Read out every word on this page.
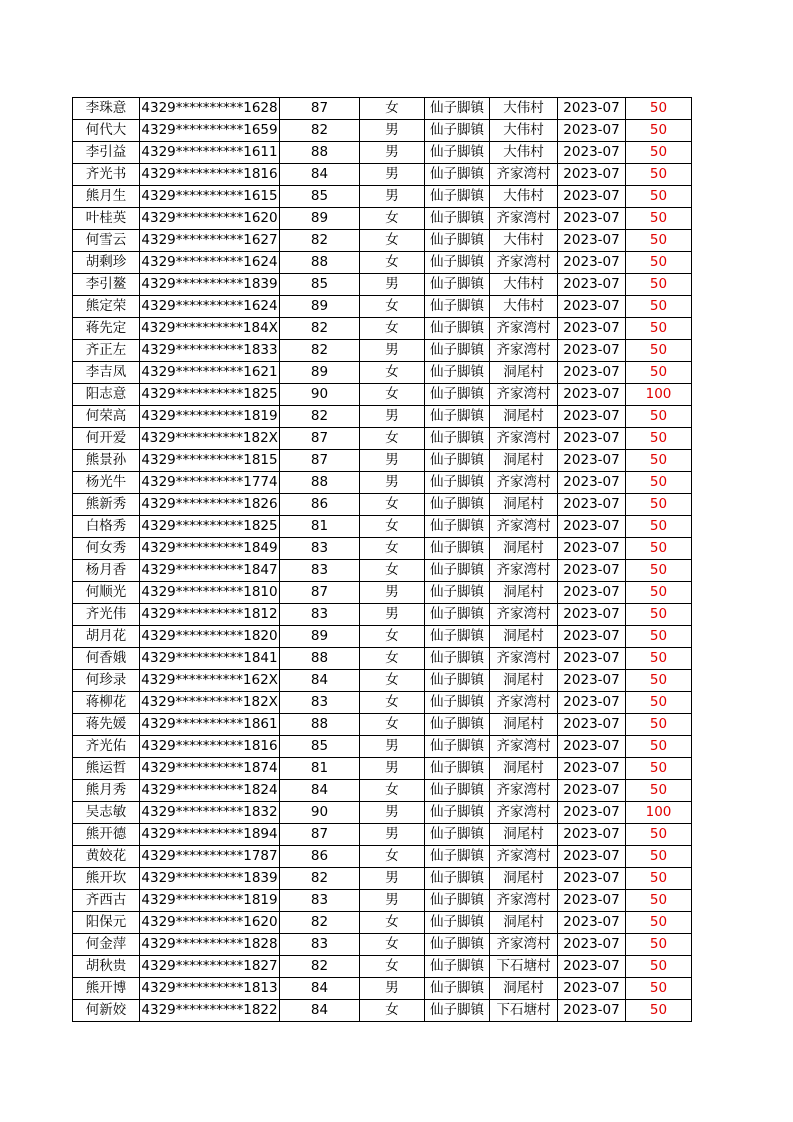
李珠意	4329**********1628	87	女	仙子脚镇	大伟村	2023-07	50
何代大	4329**********1659	82	男	仙子脚镇	大伟村	2023-07	50
李引益	4329**********1611	88	男	仙子脚镇	大伟村	2023-07	50
齐光书	4329**********1816	84	男	仙子脚镇	齐家湾村	2023-07	50
熊月生	4329**********1615	85	男	仙子脚镇	大伟村	2023-07	50
叶桂英	4329**********1620	89	女	仙子脚镇	齐家湾村	2023-07	50
何雪云	4329**********1627	82	女	仙子脚镇	大伟村	2023-07	50
胡剩珍	4329**********1624	88	女	仙子脚镇	齐家湾村	2023-07	50
李引鳌	4329**********1839	85	男	仙子脚镇	大伟村	2023-07	50
熊定荣	4329**********1624	89	女	仙子脚镇	大伟村	2023-07	50
蒋先定	4329**********184X	82	女	仙子脚镇	齐家湾村	2023-07	50
齐正左	4329**********1833	82	男	仙子脚镇	齐家湾村	2023-07	50
李吉凤	4329**********1621	89	女	仙子脚镇	洞尾村	2023-07	50
阳志意	4329**********1825	90	女	仙子脚镇	齐家湾村	2023-07	100
何荣高	4329**********1819	82	男	仙子脚镇	洞尾村	2023-07	50
何开爱	4329**********182X	87	女	仙子脚镇	齐家湾村	2023-07	50
熊景孙	4329**********1815	87	男	仙子脚镇	洞尾村	2023-07	50
杨光牛	4329**********1774	88	男	仙子脚镇	齐家湾村	2023-07	50
熊新秀	4329**********1826	86	女	仙子脚镇	洞尾村	2023-07	50
白格秀	4329**********1825	81	女	仙子脚镇	齐家湾村	2023-07	50
何女秀	4329**********1849	83	女	仙子脚镇	洞尾村	2023-07	50
杨月香	4329**********1847	83	女	仙子脚镇	齐家湾村	2023-07	50
何顺光	4329**********1810	87	男	仙子脚镇	洞尾村	2023-07	50
齐光伟	4329**********1812	83	男	仙子脚镇	齐家湾村	2023-07	50
胡月花	4329**********1820	89	女	仙子脚镇	洞尾村	2023-07	50
何香娥	4329**********1841	88	女	仙子脚镇	齐家湾村	2023-07	50
何珍录	4329**********162X	84	女	仙子脚镇	洞尾村	2023-07	50
蒋柳花	4329**********182X	83	女	仙子脚镇	齐家湾村	2023-07	50
蒋先媛	4329**********1861	88	女	仙子脚镇	洞尾村	2023-07	50
齐光佑	4329**********1816	85	男	仙子脚镇	齐家湾村	2023-07	50
熊运哲	4329**********1874	81	男	仙子脚镇	洞尾村	2023-07	50
熊月秀	4329**********1824	84	女	仙子脚镇	齐家湾村	2023-07	50
吴志敏	4329**********1832	90	男	仙子脚镇	齐家湾村	2023-07	100
熊开德	4329**********1894	87	男	仙子脚镇	洞尾村	2023-07	50
黄姣花	4329**********1787	86	女	仙子脚镇	齐家湾村	2023-07	50
熊开坎	4329**********1839	82	男	仙子脚镇	洞尾村	2023-07	50
齐西古	4329**********1819	83	男	仙子脚镇	齐家湾村	2023-07	50
阳保元	4329**********1620	82	女	仙子脚镇	洞尾村	2023-07	50
何金萍	4329**********1828	83	女	仙子脚镇	齐家湾村	2023-07	50
胡秋贵	4329**********1827	82	女	仙子脚镇	下石塘村	2023-07	50
熊开博	4329**********1813	84	男	仙子脚镇	洞尾村	2023-07	50
何新姣	4329**********1822	84	女	仙子脚镇	下石塘村	2023-07	50
